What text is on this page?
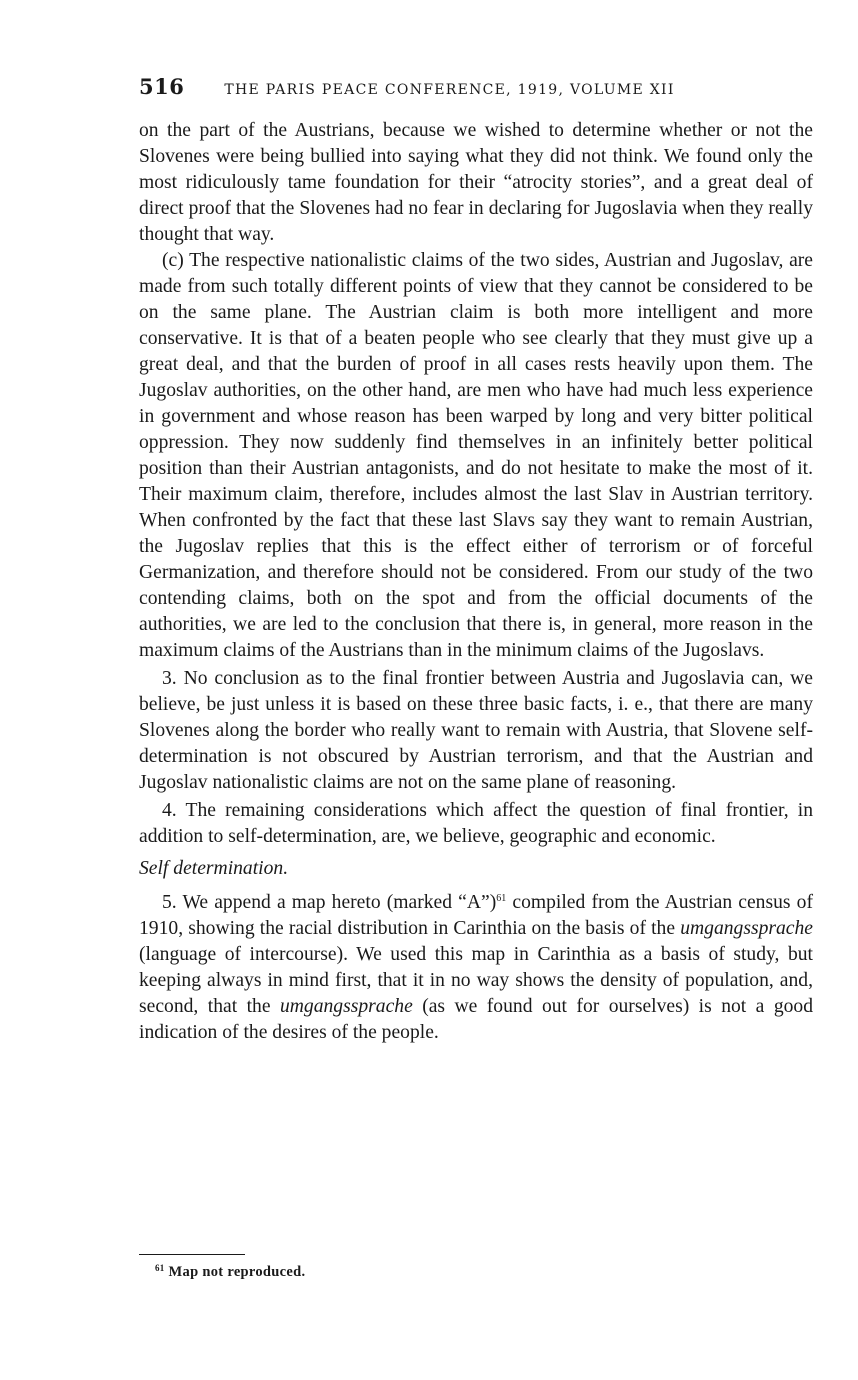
516	THE PARIS PEACE CONFERENCE, 1919, VOLUME XII

on the part of the Austrians, because we wished to determine whether or not the Slovenes were being bullied into saying what they did not think. We found only the most ridiculously tame foundation for their “atrocity stories”, and a great deal of direct proof that the Slovenes had no fear in declaring for Jugoslavia when they really thought that way.

(c) The respective nationalistic claims of the two sides, Austrian and Jugoslav, are made from such totally different points of view that they cannot be considered to be on the same plane. The Austrian claim is both more intelligent and more conservative. It is that of a beaten people who see clearly that they must give up a great deal, and that the burden of proof in all cases rests heavily upon them. The Jugoslav authorities, on the other hand, are men who have had much less experience in government and whose reason has been warped by long and very bitter political oppression. They now suddenly find themselves in an infinitely better political position than their Austrian antagonists, and do not hesitate to make the most of it. Their maximum claim, therefore, includes almost the last Slav in Austrian territory. When confronted by the fact that these last Slavs say they want to remain Austrian, the Jugoslav replies that this is the effect either of terrorism or of forceful Germanization, and therefore should not be considered. From our study of the two contending claims, both on the spot and from the official documents of the authorities, we are led to the conclusion that there is, in general, more reason in the maximum claims of the Austrians than in the minimum claims of the Jugoslavs.

3. No conclusion as to the final frontier between Austria and Jugoslavia can, we believe, be just unless it is based on these three basic facts, i. e., that there are many Slovenes along the border who really want to remain with Austria, that Slovene self-determination is not obscured by Austrian terrorism, and that the Austrian and Jugoslav nationalistic claims are not on the same plane of reasoning.

4. The remaining considerations which affect the question of final frontier, in addition to self-determination, are, we believe, geographic and economic.

Self determination.

5. We append a map hereto (marked “A”)$^{61}$ compiled from the Austrian census of 1910, showing the racial distribution in Carinthia on the basis of the umgangssprache (language of intercourse). We used this map in Carinthia as a basis of study, but keeping always in mind first, that it in no way shows the density of population, and, second, that the umgangssprache (as we found out for ourselves) is not a good indication of the desires of the people.

$^{61}$ Map not reproduced.
